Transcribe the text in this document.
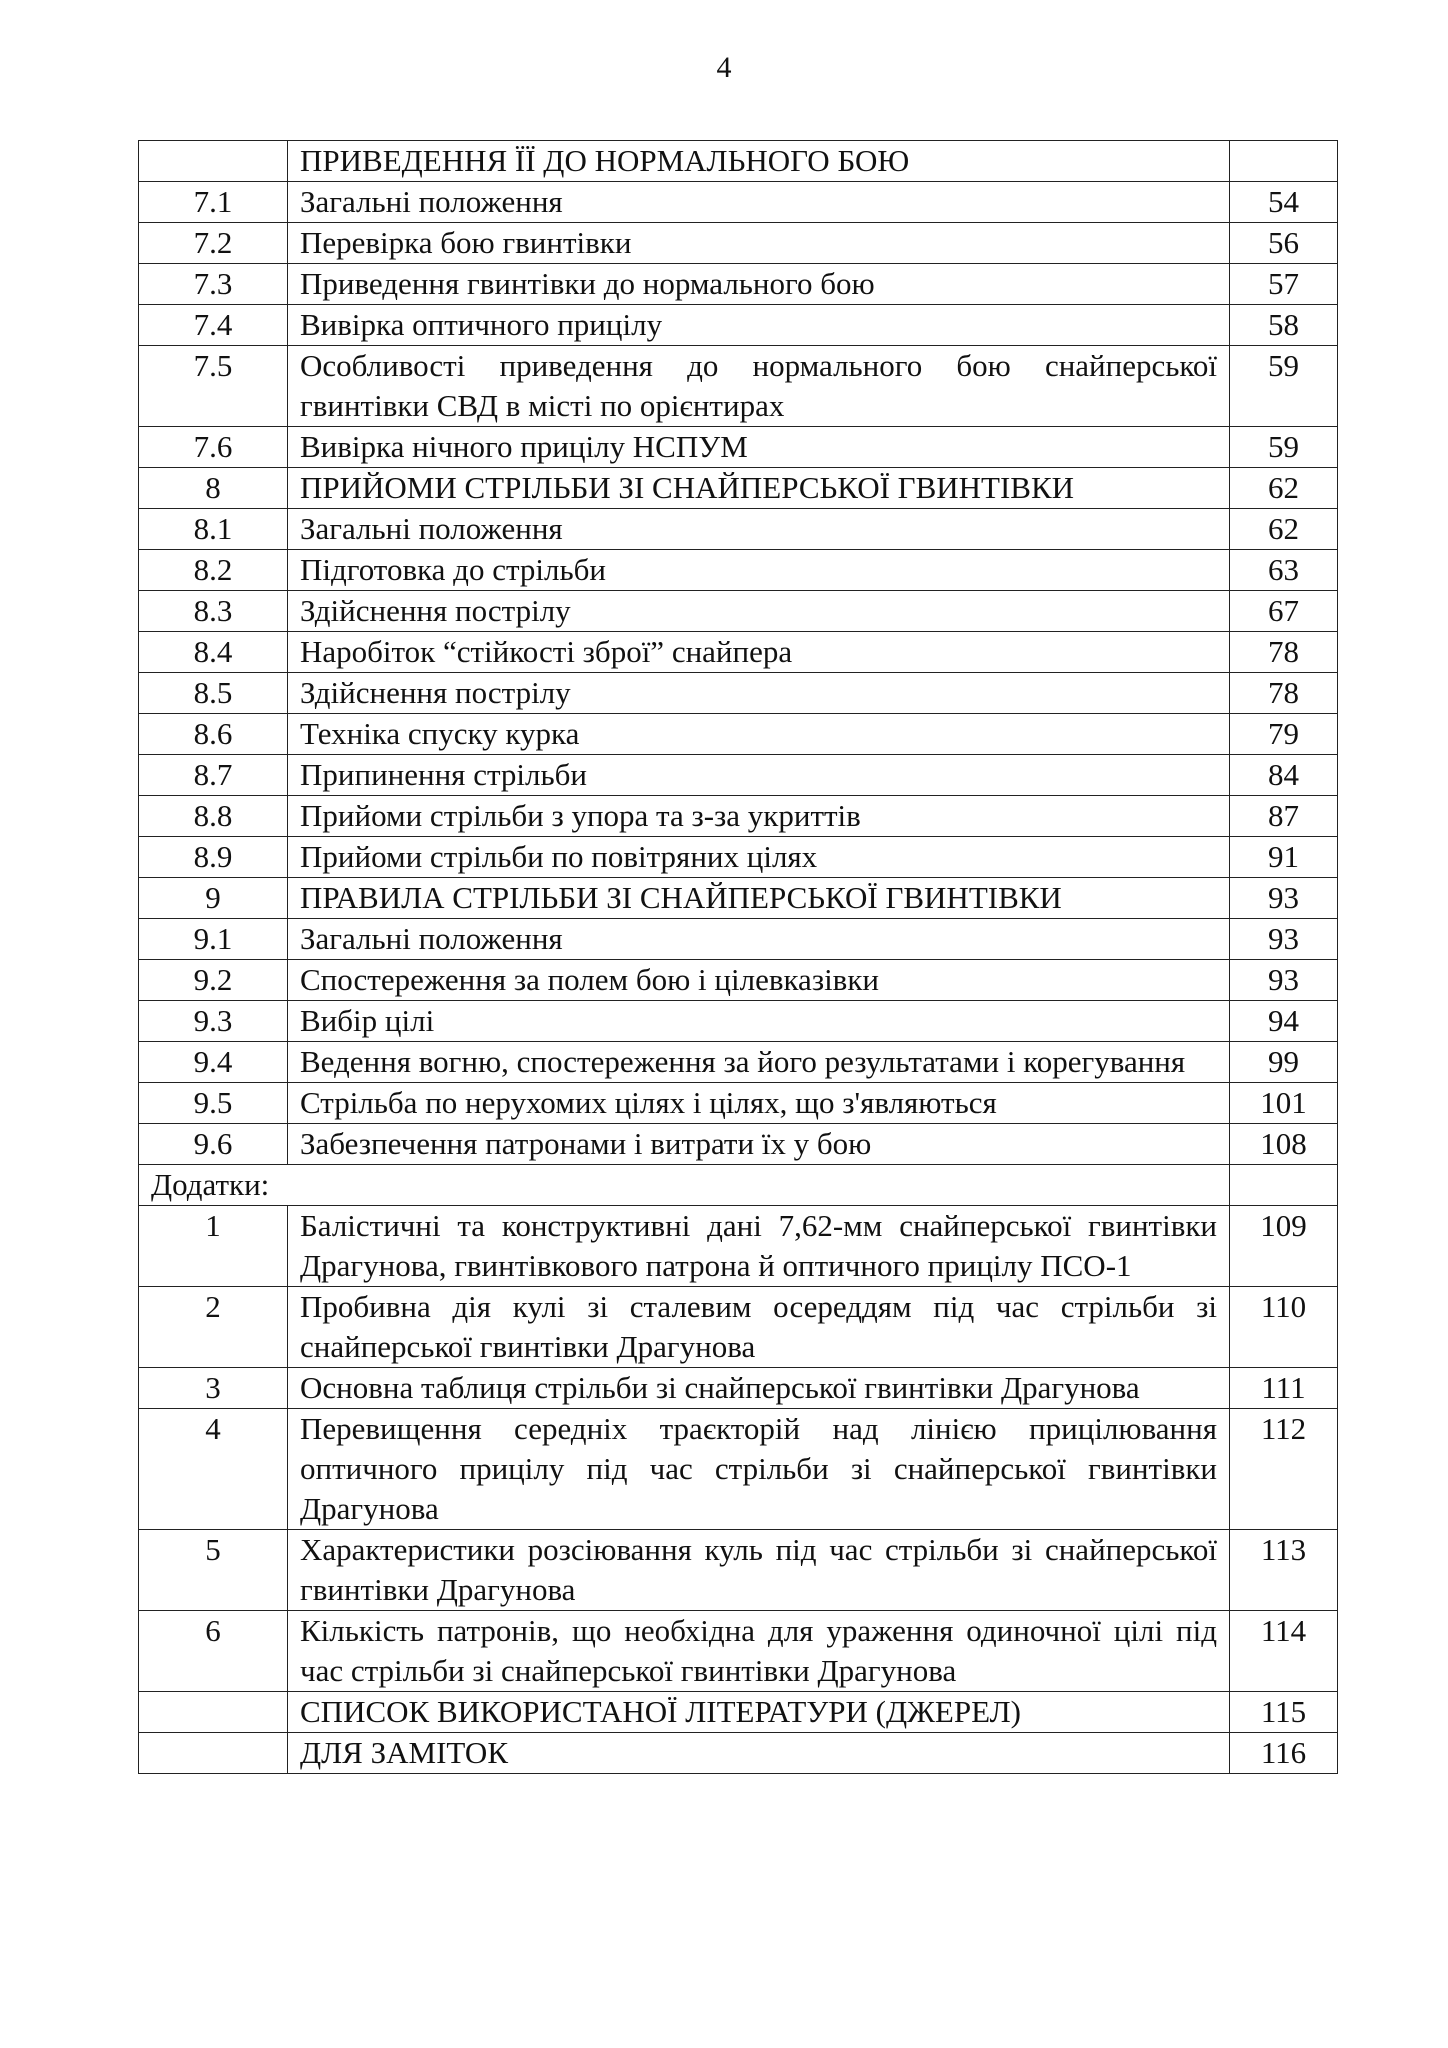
4
	ПРИВЕДЕННЯ ЇЇ ДО НОРМАЛЬНОГО БОЮ	
7.1	Загальні положення	54
7.2	Перевірка бою гвинтівки	56
7.3	Приведення гвинтівки до нормального бою	57
7.4	Вивірка оптичного прицілу	58
7.5	Особливості приведення до нормального бою снайперської гвинтівки СВД в місті по орієнтирах	59
7.6	Вивірка нічного прицілу НСПУМ	59
8	ПРИЙОМИ СТРІЛЬБИ ЗІ СНАЙПЕРСЬКОЇ ГВИНТІВКИ	62
8.1	Загальні положення	62
8.2	Підготовка до стрільби	63
8.3	Здійснення пострілу	67
8.4	Наробіток “стійкості зброї” снайпера	78
8.5	Здійснення пострілу	78
8.6	Техніка спуску курка	79
8.7	Припинення стрільби	84
8.8	Прийоми стрільби з упора та з-за укриттів	87
8.9	Прийоми стрільби по повітряних цілях	91
9	ПРАВИЛА СТРІЛЬБИ ЗІ СНАЙПЕРСЬКОЇ ГВИНТІВКИ	93
9.1	Загальні положення	93
9.2	Спостереження за полем бою і цілевказівки	93
9.3	Вибір цілі	94
9.4	Ведення вогню, спостереження за його результатами і корегування	99
9.5	Стрільба по нерухомих цілях і цілях, що з'являються	101
9.6	Забезпечення патронами і витрати їх у бою	108
Додатки:		
1	Балістичні та конструктивні дані 7,62-мм снайперської гвинтівки Драгунова, гвинтівкового патрона й оптичного прицілу ПСО-1	109
2	Пробивна дія кулі зі сталевим осереддям під час стрільби зі снайперської гвинтівки Драгунова	110
3	Основна таблиця стрільби зі снайперської гвинтівки Драгунова	111
4	Перевищення середніх траєкторій над лінією прицілювання оптичного прицілу під час стрільби зі снайперської гвинтівки Драгунова	112
5	Характеристики розсіювання куль під час стрільби зі снайперської гвинтівки Драгунова	113
6	Кількість патронів, що необхідна для ураження одиночної цілі під час стрільби зі снайперської гвинтівки Драгунова	114
	СПИСОК ВИКОРИСТАНОЇ ЛІТЕРАТУРИ (ДЖЕРЕЛ)	115
	ДЛЯ ЗАМІТОК	116
